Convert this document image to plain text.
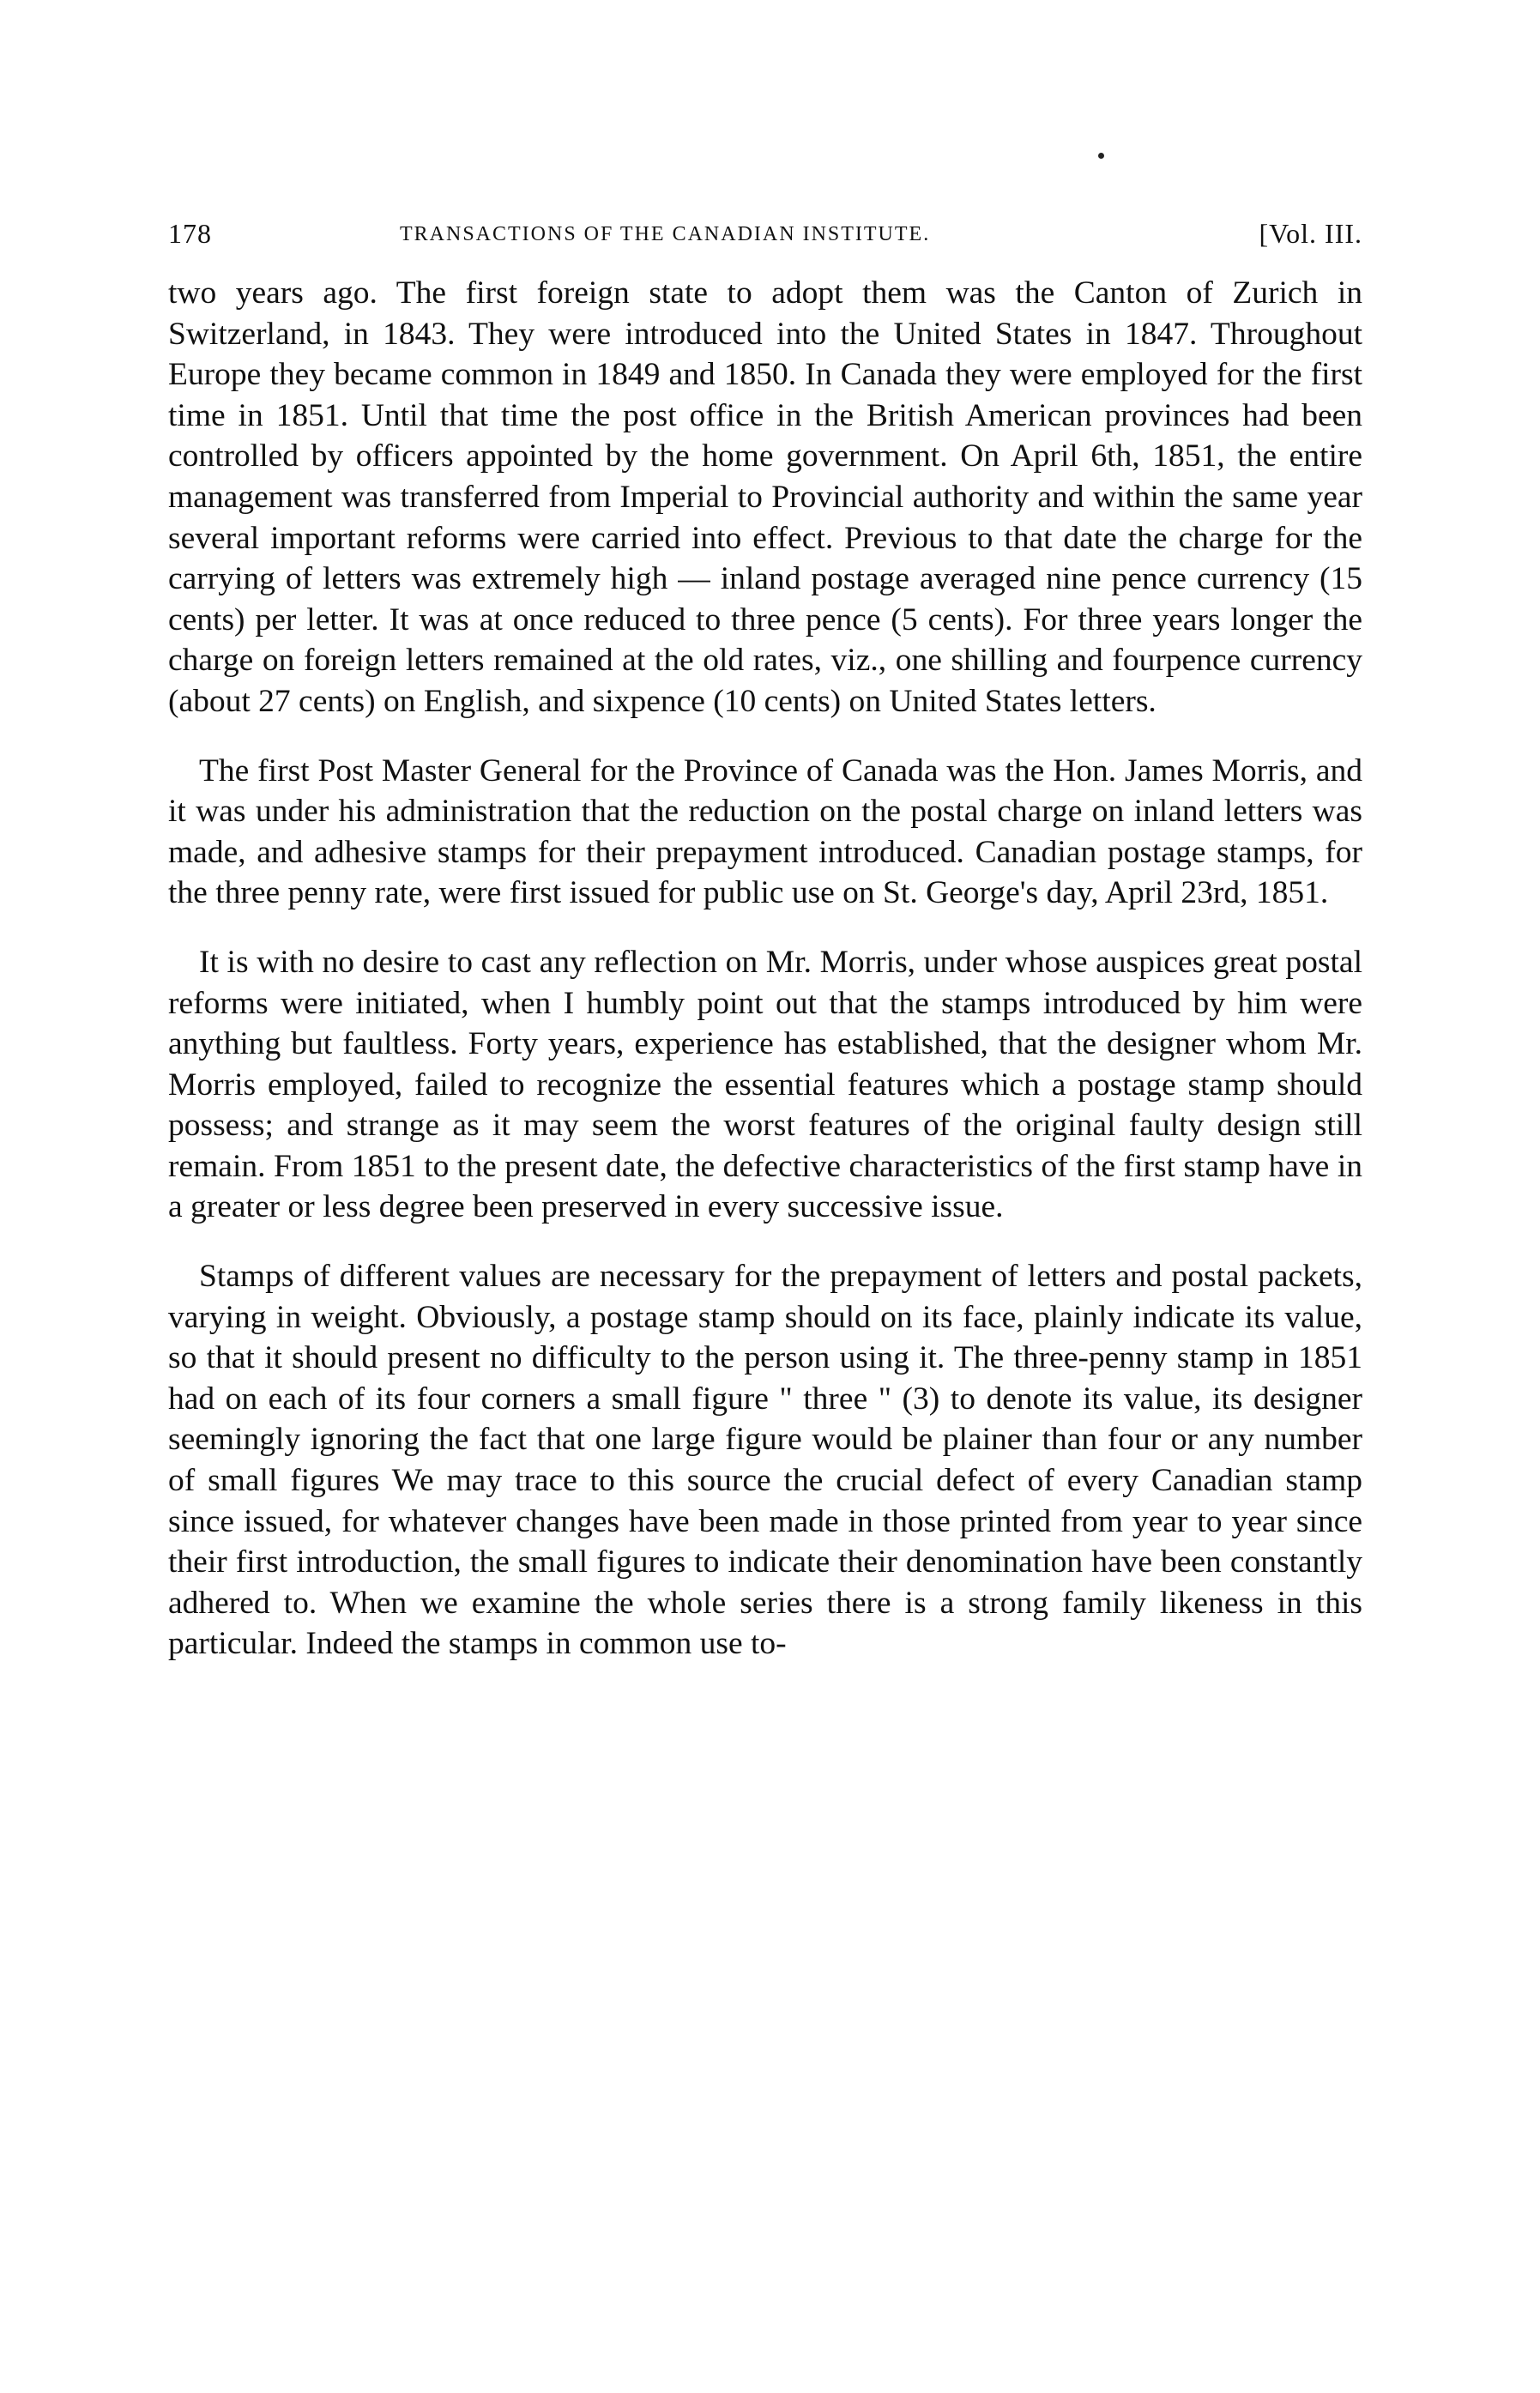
178	TRANSACTIONS OF THE CANADIAN INSTITUTE.	[Vol. III.

two years ago. The first foreign state to adopt them was the Canton of Zurich in Switzerland, in 1843. They were introduced into the United States in 1847. Throughout Europe they became common in 1849 and 1850. In Canada they were employed for the first time in 1851. Until that time the post office in the British American provinces had been controlled by officers appointed by the home government. On April 6th, 1851, the entire management was transferred from Imperial to Provincial authority and within the same year several important reforms were carried into effect. Previous to that date the charge for the carrying of letters was extremely high — inland postage averaged nine pence currency (15 cents) per letter. It was at once reduced to three pence (5 cents). For three years longer the charge on foreign letters remained at the old rates, viz., one shilling and fourpence currency (about 27 cents) on English, and sixpence (10 cents) on United States letters.

The first Post Master General for the Province of Canada was the Hon. James Morris, and it was under his administration that the reduction on the postal charge on inland letters was made, and adhesive stamps for their prepayment introduced. Canadian postage stamps, for the three penny rate, were first issued for public use on St. George's day, April 23rd, 1851.

It is with no desire to cast any reflection on Mr. Morris, under whose auspices great postal reforms were initiated, when I humbly point out that the stamps introduced by him were anything but faultless. Forty years, experience has established, that the designer whom Mr. Morris employed, failed to recognize the essential features which a postage stamp should possess; and strange as it may seem the worst features of the original faulty design still remain. From 1851 to the present date, the defective characteristics of the first stamp have in a greater or less degree been preserved in every successive issue.

Stamps of different values are necessary for the prepayment of letters and postal packets, varying in weight. Obviously, a postage stamp should on its face, plainly indicate its value, so that it should present no difficulty to the person using it. The three-penny stamp in 1851 had on each of its four corners a small figure " three " (3) to denote its value, its designer seemingly ignoring the fact that one large figure would be plainer than four or any number of small figures We may trace to this source the crucial defect of every Canadian stamp since issued, for whatever changes have been made in those printed from year to year since their first introduction, the small figures to indicate their denomination have been constantly adhered to. When we examine the whole series there is a strong family likeness in this particular. Indeed the stamps in common use to-
